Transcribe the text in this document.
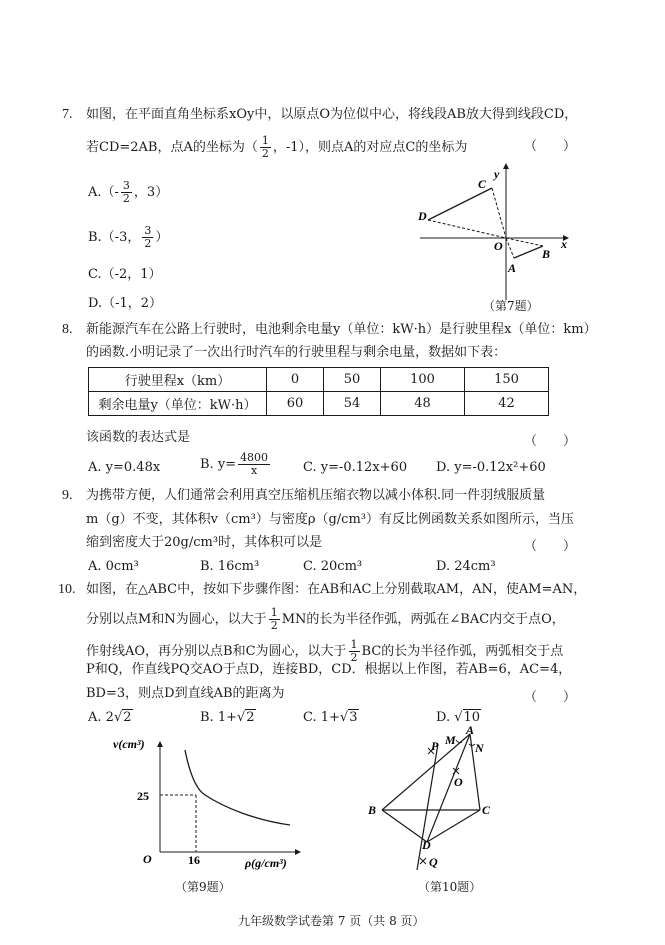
7. 如图，在平面直角坐标系xOy中，以原点O为位似中心，将线段AB放大得到线段CD，
若CD=2AB，点A的坐标为（ $\frac{1}{2}$ ，-1），则点A的对应点C的坐标为	（　　）
$A.(- \frac{3}{2}$ ，3）
B.（-3， $\frac{3}{2}$ ）
C.（-2，1）
D.（-1，2）
y
x
O
A
B
C
D
（第7题）
8. 新能源汽车在公路上行驶时，电池剩余电量y（单位：kW·h）是行驶里程x（单位：km）
的函数.小明记录了一次出行时汽车的行驶里程与剩余电量，数据如下表：
行驶里程x（km）	0	50	100	150
剩余电量y（单位：kW·h）	60	54	48	42
该函数的表达式是	（　　）
A. y=0.48x	B. $y= \frac{4800}{x}$	C. y=-0.12x+60 D. y=-0.12x²+60
9. 为携带方便，人们通常会利用真空压缩机压缩衣物以减小体积.同一件羽绒服质量
m（g）不变，其体积v（cm³）与密度ρ（g/cm³）有反比例函数关系如图所示，当压
缩到密度大于20g/cm³时，其体积可以是	（　　）
A. 0cm³	B. 16cm³	C. 20cm³	D. 24cm³
10. 如图，在△ABC中，按如下步骤作图：在AB和AC上分别截取AM，AN，使AM=AN，
分别以点M和N为圆心，以大于 $\frac{1}{2}$ MN的长为半径作弧，两弧在∠BAC内交于点O，
作射线AO，再分别以点B和C为圆心，以大于 $\frac{1}{2}$ BC的长为半径作弧，两弧相交于点
P和Q，作直线PQ交AO于点D，连接BD，CD．根据以上作图，若AB=6，AC=4，
BD=3，则点D到直线AB的距离为	（　　）
A. 2√2	B. 1+√2	C. 1+√3	D. √10
v(cm³)
ρ(g/cm³)
O
25
16
（第9题）
A
B	C
D
M
N
O
P
Q
（第10题）
九年级数学试卷第 7 页（共 8 页）
